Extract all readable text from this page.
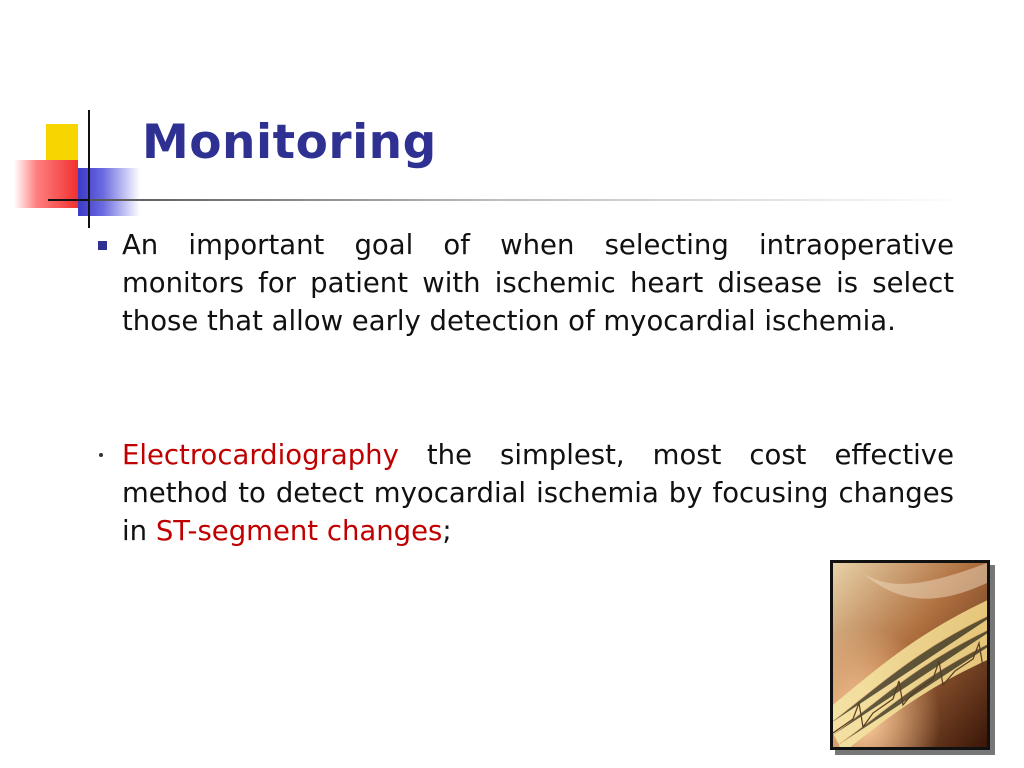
Monitoring
An important goal of when selecting intraoperative monitors for patient with ischemic heart disease is select those that allow early detection of myocardial ischemia.
Electrocardiography the simplest, most cost effective method to detect myocardial ischemia by focusing changes in ST-segment changes;
